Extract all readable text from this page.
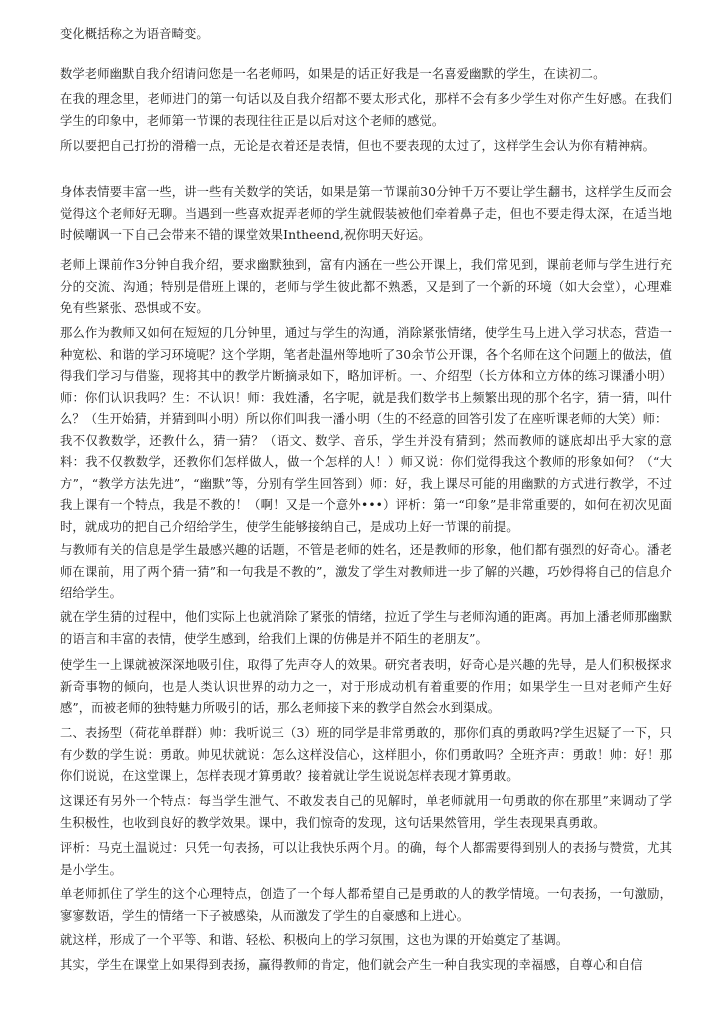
变化概括称之为语音畸变。

数学老师幽默自我介绍请问您是一名老师吗，如果是的话正好我是一名喜爱幽默的学生，在读初二。

在我的理念里，老师进门的第一句话以及自我介绍都不要太形式化，那样不会有多少学生对你产生好感。在我们学生的印象中，老师第一节课的表现往往正是以后对这个老师的感觉。

所以要把自己打扮的滑稽一点，无论是衣着还是表情，但也不要表现的太过了，这样学生会认为你有精神病。

身体表情要丰富一些，讲一些有关数学的笑话，如果是第一节课前30分钟千万不要让学生翻书，这样学生反而会觉得这个老师好无聊。当遇到一些喜欢捉弄老师的学生就假装被他们牵着鼻子走，但也不要走得太深，在适当地时候嘲讽一下自己会带来不错的课堂效果Intheend,祝你明天好运。

老师上课前作3分钟自我介绍，要求幽默独到，富有内涵在一些公开课上，我们常见到，课前老师与学生进行充分的交流、沟通；特别是借班上课的，老师与学生彼此都不熟悉，又是到了一个新的环境（如大会堂），心理难免有些紧张、恐惧或不安。

那么作为教师又如何在短短的几分钟里，通过与学生的沟通，消除紧张情绪，使学生马上进入学习状态，营造一种宽松、和谐的学习环境呢？这个学期，笔者赴温州等地听了30余节公开课，各个名师在这个问题上的做法，值得我们学习与借鉴，现将其中的教学片断摘录如下，略加评析。一、介绍型（长方体和立方体的练习课潘小明）师：你们认识我吗？生：不认识！师：我姓潘，名字呢，就是我们数学书上频繁出现的那个名字，猜一猜，叫什么？（生开始猜，并猜到叫小明）所以你们叫我一潘小明（生的不经意的回答引发了在座听课老师的大笑）师：
我不仅教数学，还教什么，猜一猜？（语文、数学、音乐，学生并没有猜到；然而教师的谜底却出乎大家的意料：我不仅教数学，还教你们怎样做人，做一个怎样的人！）师又说：你们觉得我这个教师的形象如何？（“大方”，“教学方法先进”，“幽默”等，分别有学生回答到）师：好，我上课尽可能的用幽默的方式进行教学，不过我上课有一个特点，我是不教的！（啊！又是一个意外•••）评析：第一“印象”是非常重要的，如何在初次见面时，就成功的把自己介绍给学生，使学生能够接纳自己，是成功上好一节课的前提。

与教师有关的信息是学生最感兴趣的话题，不管是老师的姓名，还是教师的形象，他们都有强烈的好奇心。潘老师在课前，用了两个猜一猜”和一句我是不教的”，激发了学生对教师进一步了解的兴趣，巧妙得将自己的信息介绍给学生。

就在学生猜的过程中，他们实际上也就消除了紧张的情绪，拉近了学生与老师沟通的距离。再加上潘老师那幽默的语言和丰富的表情，使学生感到，给我们上课的仿佛是并不陌生的老朋友”。

使学生一上课就被深深地吸引住，取得了先声夺人的效果。研究者表明，好奇心是兴趣的先导，是人们积极探求新奇事物的倾向，也是人类认识世界的动力之一，对于形成动机有着重要的作用；如果学生一旦对老师产生好感”，而被老师的独特魅力所吸引的话，那么老师接下来的教学自然会水到渠成。

二、表扬型（荷花单群群）帅：我听说三（3）班的同学是非常勇敢的，那你们真的勇敢吗?学生迟疑了一下，只有少数的学生说：勇敢。帅见状就说：怎么这样没信心，这样胆小，你们勇敢吗？全班齐声：勇敢！帅：好！那你们说说，在这堂课上，怎样表现才算勇敢？接着就让学生说说怎样表现才算勇敢。

这课还有另外一个特点：每当学生泄气、不敢发表自己的见解时，单老师就用一句勇敢的你在那里”来调动了学生积极性，也收到良好的教学效果。课中，我们惊奇的发现，这句话果然管用，学生表现果真勇敢。

评析：马克土温说过：只凭一句表扬，可以让我快乐两个月。的确，每个人都需要得到别人的表扬与赞赏，尤其是小学生。

单老师抓住了学生的这个心理特点，创造了一个每人都希望自己是勇敢的人的教学情境。一句表扬，一句激励，寥寥数语，学生的情绪一下子被感染，从而激发了学生的自豪感和上进心。

就这样，形成了一个平等、和谐、轻松、积极向上的学习氛围，这也为课的开始奠定了基调。

其实，学生在课堂上如果得到表扬，赢得教师的肯定，他们就会产生一种自我实现的幸福感，自尊心和自信
